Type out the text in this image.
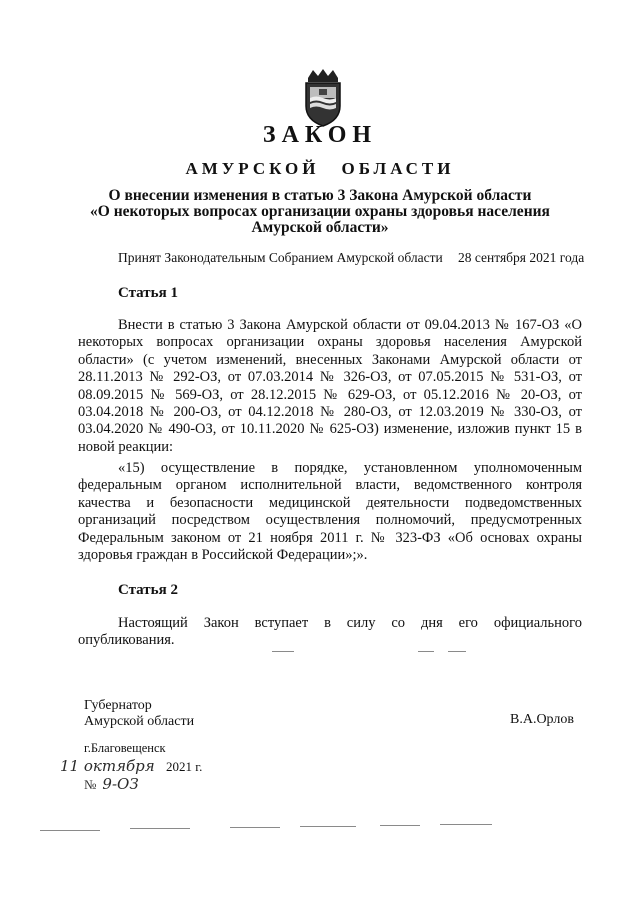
ЗАКОН
АМУРСКОЙ ОБЛАСТИ
О внесении изменения в статью 3 Закона Амурской области
«О некоторых вопросах организации охраны здоровья населения
Амурской области»
Принят Законодательным Собранием Амурской области 28 сентября 2021 года
Статья 1
Внести в статью 3 Закона Амурской области от 09.04.2013 № 167-ОЗ «О некоторых вопросах организации охраны здоровья населения Амурской области» (с учетом изменений, внесенных Законами Амурской области от 28.11.2013 № 292-ОЗ, от 07.03.2014 № 326-ОЗ, от 07.05.2015 № 531-ОЗ, от 08.09.2015 № 569-ОЗ, от 28.12.2015 № 629-ОЗ, от 05.12.2016 № 20-ОЗ, от 03.04.2018 № 200-ОЗ, от 04.12.2018 № 280-ОЗ, от 12.03.2019 № 330-ОЗ, от 03.04.2020 № 490-ОЗ, от 10.11.2020 № 625-ОЗ) изменение, изложив пункт 15 в новой реакции:
«15) осуществление в порядке, установленном уполномоченным федеральным органом исполнительной власти, ведомственного контроля качества и безопасности медицинской деятельности подведомственных организаций посредством осуществления полномочий, предусмотренных Федеральным законом от 21 ноября 2011 г. № 323-ФЗ «Об основах охраны здоровья граждан в Российской Федерации»;».
Статья 2
Настоящий Закон вступает в силу со дня его официального опубликования.
Губернатор
Амурской области	В.А.Орлов
г.Благовещенск
11 октября 2021 г.
№ 9-ОЗ
